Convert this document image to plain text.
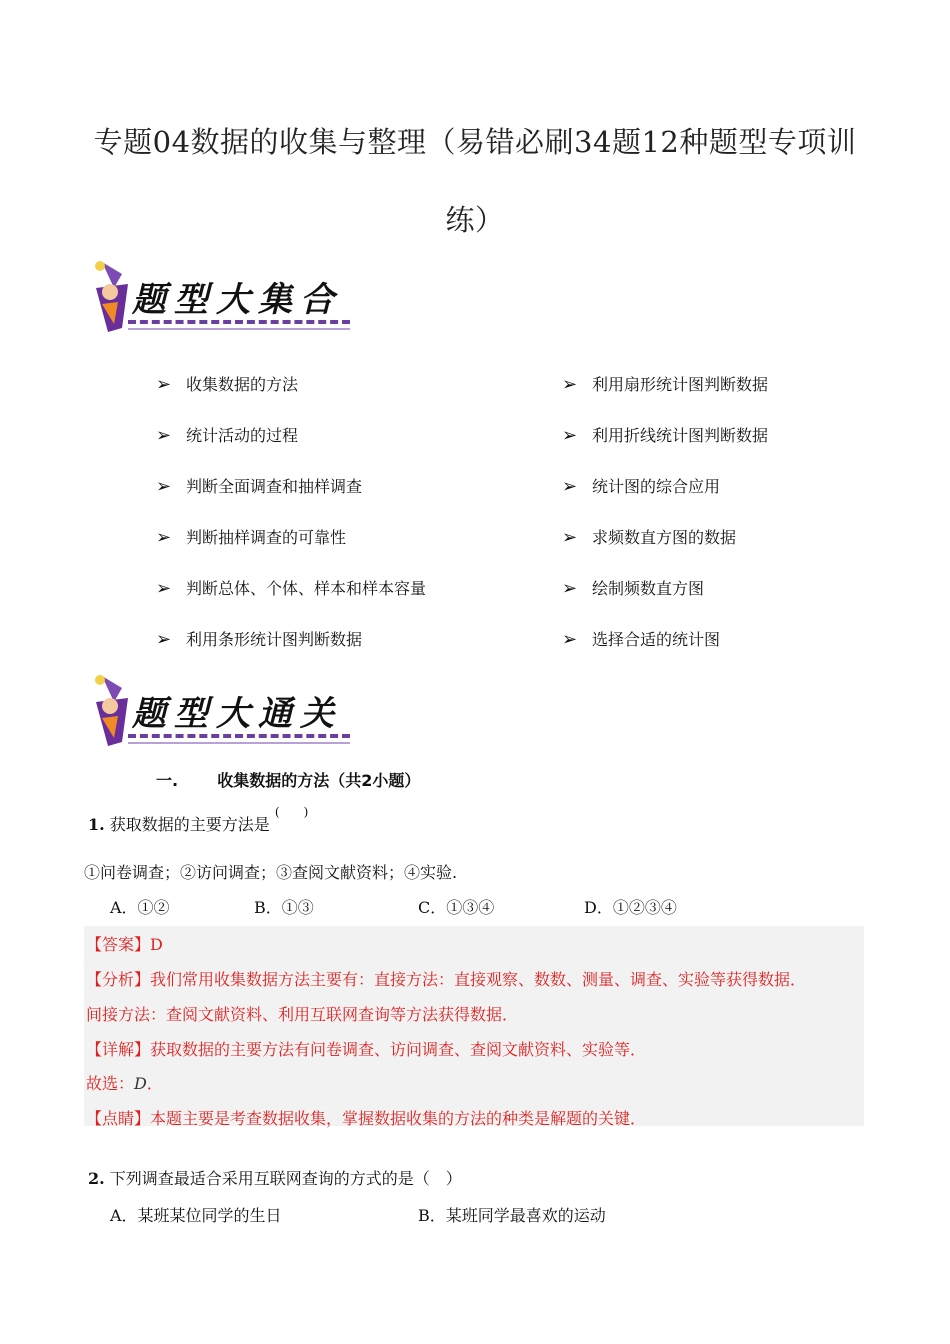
专题04数据的收集与整理（易错必刷34题12种题型专项训
练）
题型大集合
➢ 收集数据的方法
➢ 统计活动的过程
➢ 判断全面调查和抽样调查
➢ 判断抽样调查的可靠性
➢ 判断总体、个体、样本和样本容量
➢ 利用条形统计图判断数据
➢ 利用扇形统计图判断数据
➢ 利用折线统计图判断数据
➢ 统计图的综合应用
➢ 求频数直方图的数据
➢ 绘制频数直方图
➢ 选择合适的统计图
题型大通关
一. 收集数据的方法（共2小题）
1. 获取数据的主要方法是 (　　)
①问卷调查；②访问调查；③查阅文献资料；④实验.
A．①②	B．①③	C．①③④	D．①②③④
【答案】D
【分析】我们常用收集数据方法主要有：直接方法：直接观察、数数、测量、调查、实验等获得数据．
间接方法：查阅文献资料、利用互联网查询等方法获得数据．
【详解】获取数据的主要方法有问卷调查、访问调查、查阅文献资料、实验等．
故选：D．
【点睛】本题主要是考查数据收集，掌握数据收集的方法的种类是解题的关键．
2. 下列调查最适合采用互联网查询的方式的是（　）
A．某班某位同学的生日	B．某班同学最喜欢的运动
